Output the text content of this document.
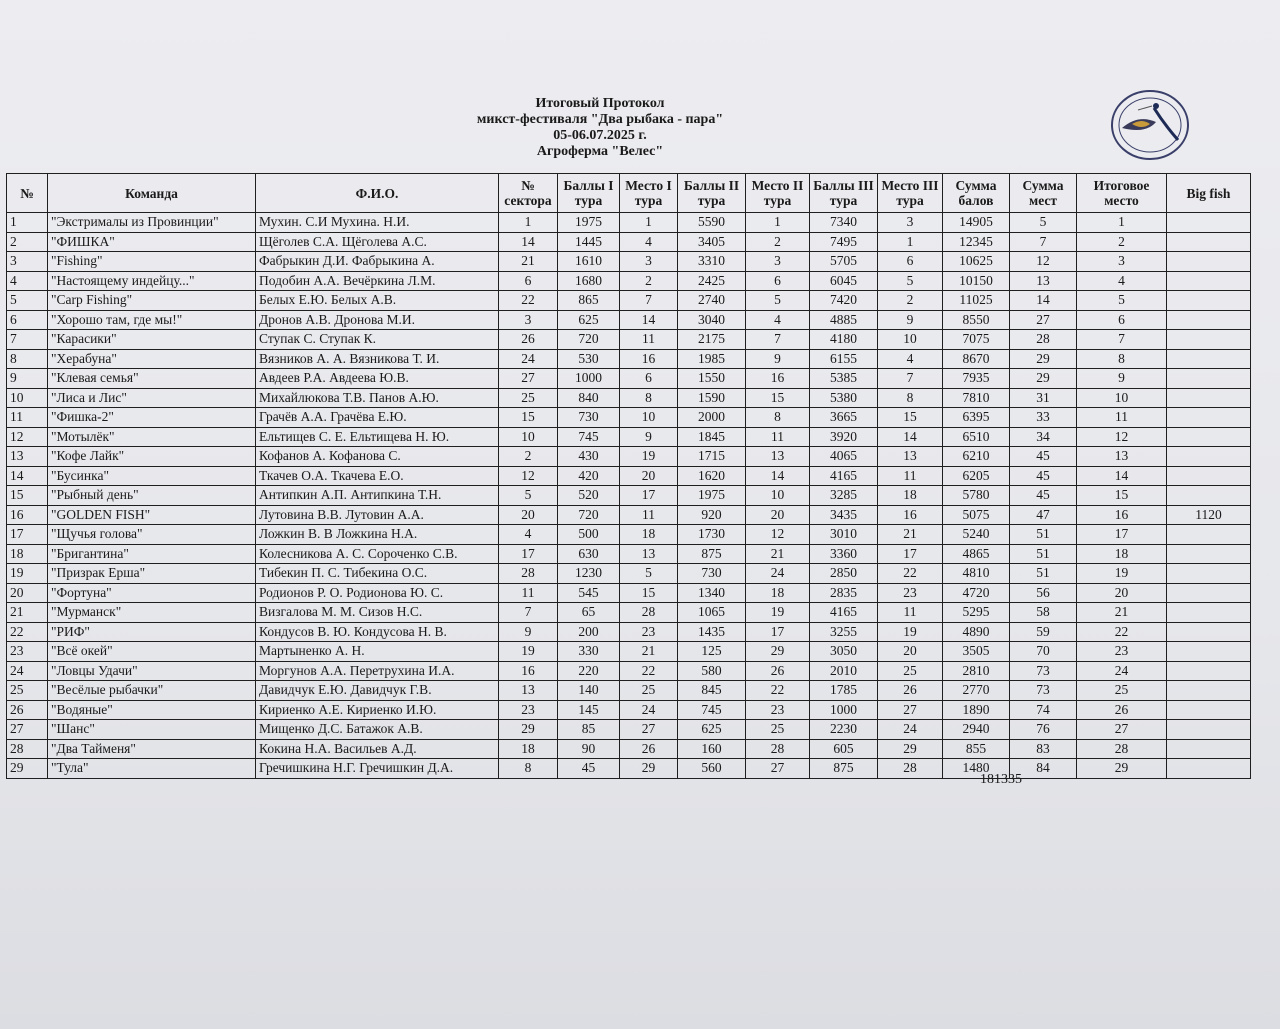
Итоговый Протокол
микст-фестиваля "Два рыбака - пара"
05-06.07.2025 г.
Агроферма "Велес"
№	Команда	Ф.И.О.	№ сектора	Баллы I тура	Место I тура	Баллы II тура	Место II тура	Баллы III тура	Место III тура	Сумма балов	Сумма мест	Итоговое место	Big fish
1	"Экстрималы из Провинции"	Мухин. С.И Мухина. Н.И.	1	1975	1	5590	1	7340	3	14905	5	1	
2	"ФИШКА"	Щёголев С.А. Щёголева А.С.	14	1445	4	3405	2	7495	1	12345	7	2	
3	"Fishing"	Фабрыкин Д.И. Фабрыкина А.	21	1610	3	3310	3	5705	6	10625	12	3	
4	"Настоящему индейцу..."	Подобин А.А. Вечёркина Л.М.	6	1680	2	2425	6	6045	5	10150	13	4	
5	"Carp Fishing"	Белых Е.Ю. Белых А.В.	22	865	7	2740	5	7420	2	11025	14	5	
6	"Хорошо там, где мы!"	Дронов А.В. Дронова М.И.	3	625	14	3040	4	4885	9	8550	27	6	
7	"Карасики"	Ступак С. Ступак К.	26	720	11	2175	7	4180	10	7075	28	7	
8	"Херабуна"	Вязников А. А. Вязникова Т. И.	24	530	16	1985	9	6155	4	8670	29	8	
9	"Клевая семья"	Авдеев Р.А. Авдеева Ю.В.	27	1000	6	1550	16	5385	7	7935	29	9	
10	"Лиса и Лис"	Михайлюкова Т.В. Панов А.Ю.	25	840	8	1590	15	5380	8	7810	31	10	
11	"Фишка-2"	Грачёв А.А. Грачёва Е.Ю.	15	730	10	2000	8	3665	15	6395	33	11	
12	"Мотылёк"	Ельтищев С. Е. Ельтищева Н. Ю.	10	745	9	1845	11	3920	14	6510	34	12	
13	"Кофе Лайк"	Кофанов А. Кофанова С.	2	430	19	1715	13	4065	13	6210	45	13	
14	"Бусинка"	Ткачев О.А. Ткачева Е.О.	12	420	20	1620	14	4165	11	6205	45	14	
15	"Рыбный день"	Антипкин А.П. Антипкина Т.Н.	5	520	17	1975	10	3285	18	5780	45	15	
16	"GOLDEN FISH"	Лутовина В.В. Лутовин А.А.	20	720	11	920	20	3435	16	5075	47	16	1120
17	"Щучья голова"	Ложкин В. В Ложкина Н.А.	4	500	18	1730	12	3010	21	5240	51	17	
18	"Бригантина"	Колесникова А. С. Сороченко С.В.	17	630	13	875	21	3360	17	4865	51	18	
19	"Призрак Ерша"	Тибекин П. С. Тибекина О.С.	28	1230	5	730	24	2850	22	4810	51	19	
20	"Фортуна"	Родионов Р. О. Родионова Ю. С.	11	545	15	1340	18	2835	23	4720	56	20	
21	"Мурманск"	Визгалова М. М. Сизов Н.С.	7	65	28	1065	19	4165	11	5295	58	21	
22	"РИФ"	Кондусов В. Ю. Кондусова Н. В.	9	200	23	1435	17	3255	19	4890	59	22	
23	"Всё окей"	Мартыненко А. Н.	19	330	21	125	29	3050	20	3505	70	23	
24	"Ловцы Удачи"	Моргунов А.А. Перетрухина И.А.	16	220	22	580	26	2010	25	2810	73	24	
25	"Весёлые рыбачки"	Давидчук Е.Ю. Давидчук Г.В.	13	140	25	845	22	1785	26	2770	73	25	
26	"Водяные"	Кириенко А.Е. Кириенко И.Ю.	23	145	24	745	23	1000	27	1890	74	26	
27	"Шанс"	Мищенко Д.С. Батажок А.В.	29	85	27	625	25	2230	24	2940	76	27	
28	"Два Тайменя"	Кокина Н.А. Васильев А.Д.	18	90	26	160	28	605	29	855	83	28	
29	"Тула"	Гречишкина Н.Г. Гречишкин Д.А.	8	45	29	560	27	875	28	1480	84	29	
181335
